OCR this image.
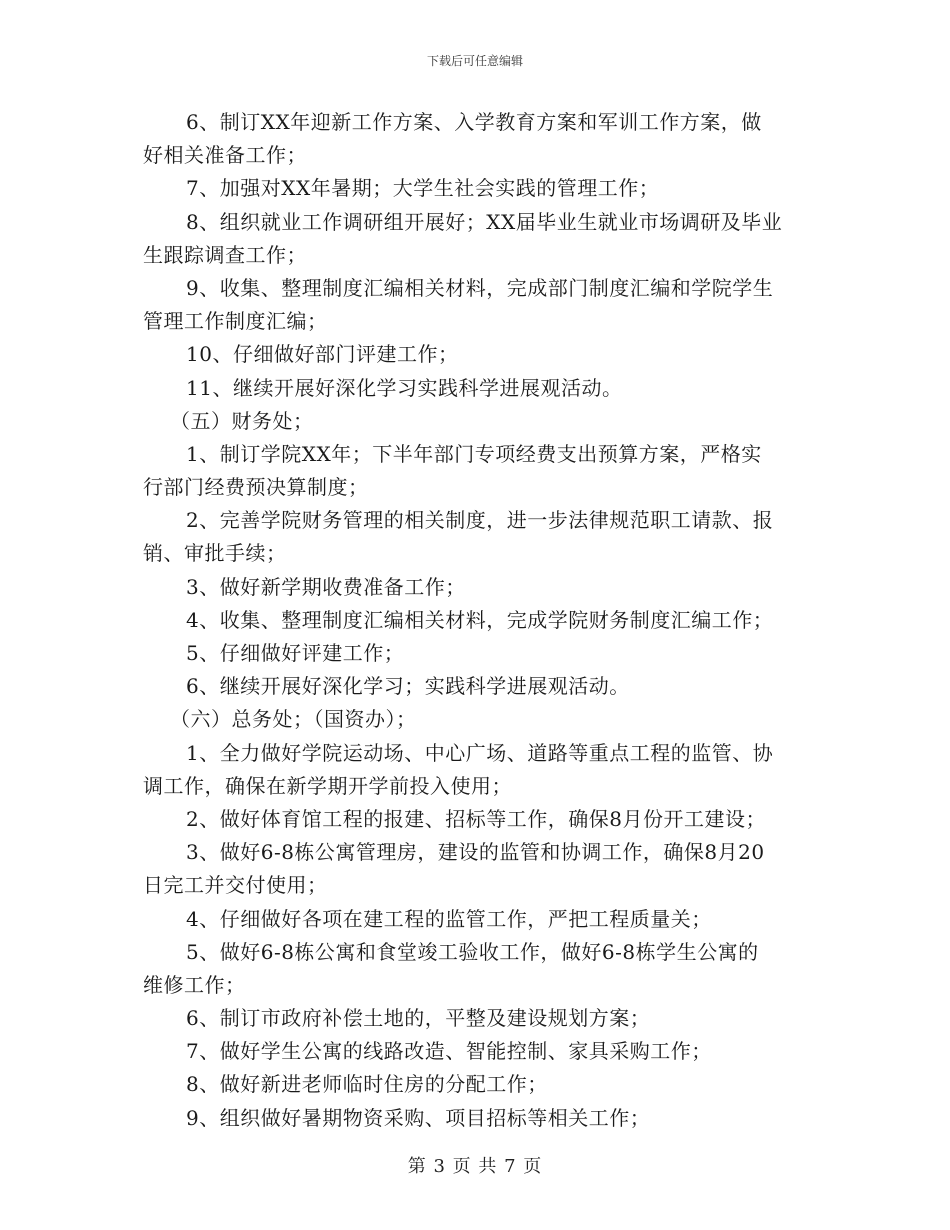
下载后可任意编辑
6、制订XX年迎新工作方案、入学教育方案和军训工作方案，做
好相关准备工作；
7、加强对XX年暑期；大学生社会实践的管理工作；
8、组织就业工作调研组开展好；XX届毕业生就业市场调研及毕业
生跟踪调查工作；
9、收集、整理制度汇编相关材料，完成部门制度汇编和学院学生
管理工作制度汇编；
10、仔细做好部门评建工作；
11、继续开展好深化学习实践科学进展观活动。
（五）财务处；
1、制订学院XX年；下半年部门专项经费支出预算方案，严格实
行部门经费预决算制度；
2、完善学院财务管理的相关制度，进一步法律规范职工请款、报
销、审批手续；
3、做好新学期收费准备工作；
4、收集、整理制度汇编相关材料，完成学院财务制度汇编工作；
5、仔细做好评建工作；
6、继续开展好深化学习；实践科学进展观活动。
（六）总务处；（国资办）；
1、全力做好学院运动场、中心广场、道路等重点工程的监管、协
调工作，确保在新学期开学前投入使用；
2、做好体育馆工程的报建、招标等工作，确保8月份开工建设；
3、做好6-8栋公寓管理房，建设的监管和协调工作，确保8月20
日完工并交付使用；
4、仔细做好各项在建工程的监管工作，严把工程质量关；
5、做好6-8栋公寓和食堂竣工验收工作，做好6-8栋学生公寓的
维修工作；
6、制订市政府补偿土地的，平整及建设规划方案；
7、做好学生公寓的线路改造、智能控制、家具采购工作；
8、做好新进老师临时住房的分配工作；
9、组织做好暑期物资采购、项目招标等相关工作；
第 3 页 共 7 页
